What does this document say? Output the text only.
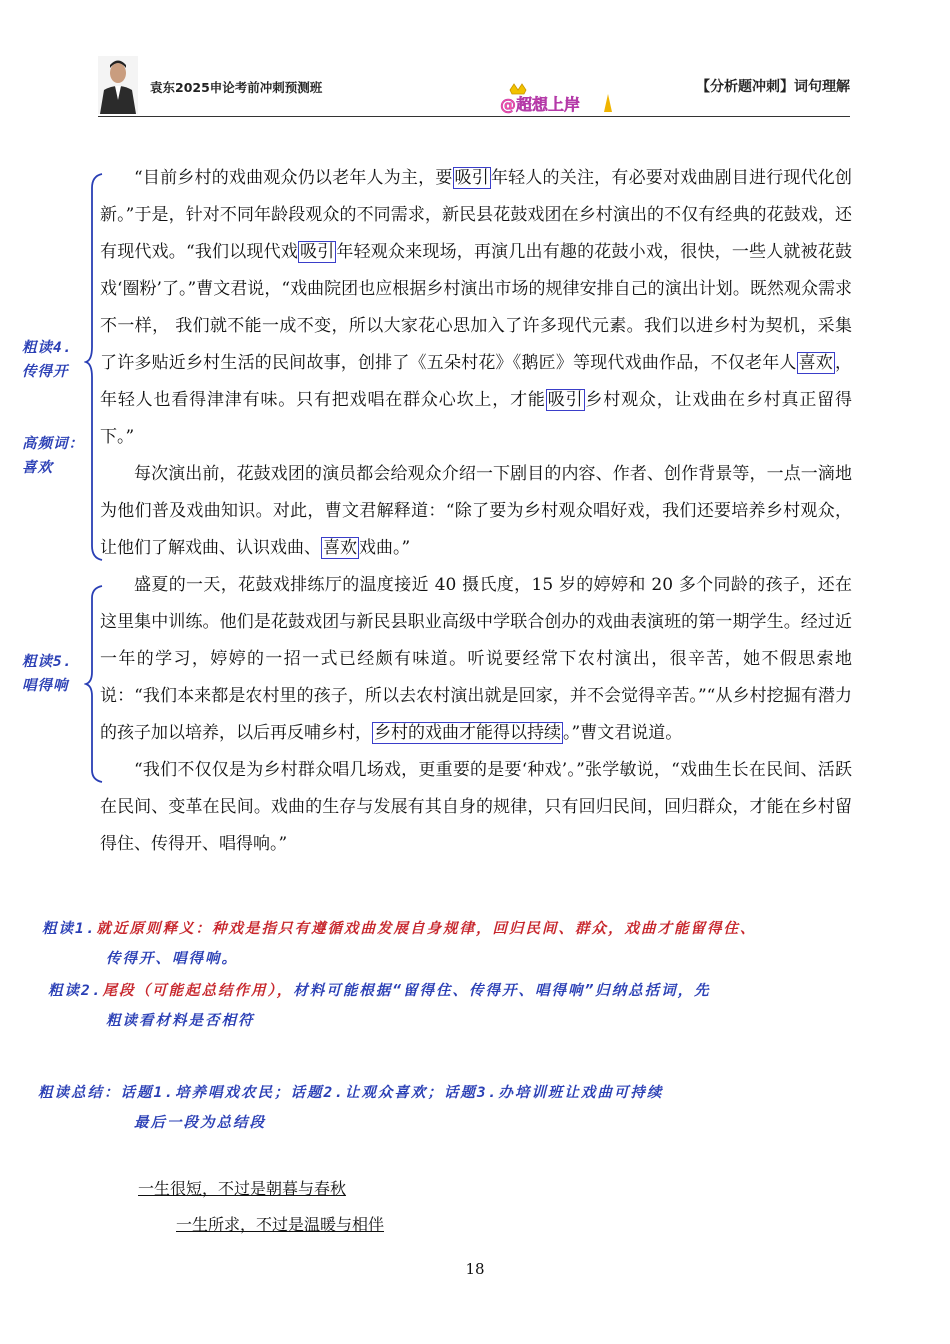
袁东2025申论考前冲刺预测班
@超想上岸
【分析题冲刺】词句理解
粗读4.
传得开
高频词：
喜欢
粗读5.
唱得响

“目前乡村的戏曲观众仍以老年人为主，要 吸引 年轻人的关注，有必要对戏曲剧目进行现代化创新。”于是，针对不同年龄段观众的不同需求，新民县花鼓戏团在乡村演出的不仅有经典的花鼓戏，还有现代戏。“我们以现代戏 吸引 年轻观众来现场，再演几出有趣的花鼓小戏，很快，一些人就被花鼓戏‘圈粉’了。”曹文君说，“戏曲院团也应根据乡村演出市场的规律安排自己的演出计划。既然观众需求不一样， 我们就不能一成不变，所以大家花心思加入了许多现代元素。我们以进乡村为契机，采集了许多贴近乡村生活的民间故事，创排了《五朵村花》《鹅匠》等现代戏曲作品，不仅老年人 喜欢 ，年轻人也看得津津有味。只有把戏唱在群众心坎上，才能 吸引 乡村观众，让戏曲在乡村真正留得下。”

每次演出前，花鼓戏团的演员都会给观众介绍一下剧目的内容、作者、创作背景等，一点一滴地为他们普及戏曲知识。对此，曹文君解释道：“除了要为乡村观众唱好戏，我们还要培养乡村观众，让他们了解戏曲、认识戏曲、 喜欢 戏曲。”

盛夏的一天，花鼓戏排练厅的温度接近 40 摄氏度，15 岁的婷婷和 20 多个同龄的孩子，还在这里集中训练。他们是花鼓戏团与新民县职业高级中学联合创办的戏曲表演班的第一期学生。经过近一年的学习，婷婷的一招一式已经颇有味道。听说要经常下农村演出，很辛苦，她不假思索地说：“我们本来都是农村里的孩子，所以去农村演出就是回家，并不会觉得辛苦。”“从乡村挖掘有潜力的孩子加以培养，以后再反哺乡村， 乡村的戏曲才能得以持续 。”曹文君说道。

“我们不仅仅是为乡村群众唱几场戏，更重要的是要‘种戏’。”张学敏说，“戏曲生长在民间、活跃在民间、变革在民间。戏曲的生存与发展有其自身的规律，只有回归民间，回归群众，才能在乡村留得住、传得开、唱得响。”

粗读1.就近原则释义：种戏是指只有遵循戏曲发展自身规律，回归民间、群众，戏曲才能留得住、
传得开、唱得响。
粗读2.尾段（可能起总结作用），材料可能根据“留得住、传得开、唱得响”归纳总括词，先
粗读看材料是否相符
粗读总结：话题1.培养唱戏农民；话题2.让观众喜欢；话题3.办培训班让戏曲可持续
最后一段为总结段
一生很短，不过是朝暮与春秋
一生所求，不过是温暖与相伴
18
